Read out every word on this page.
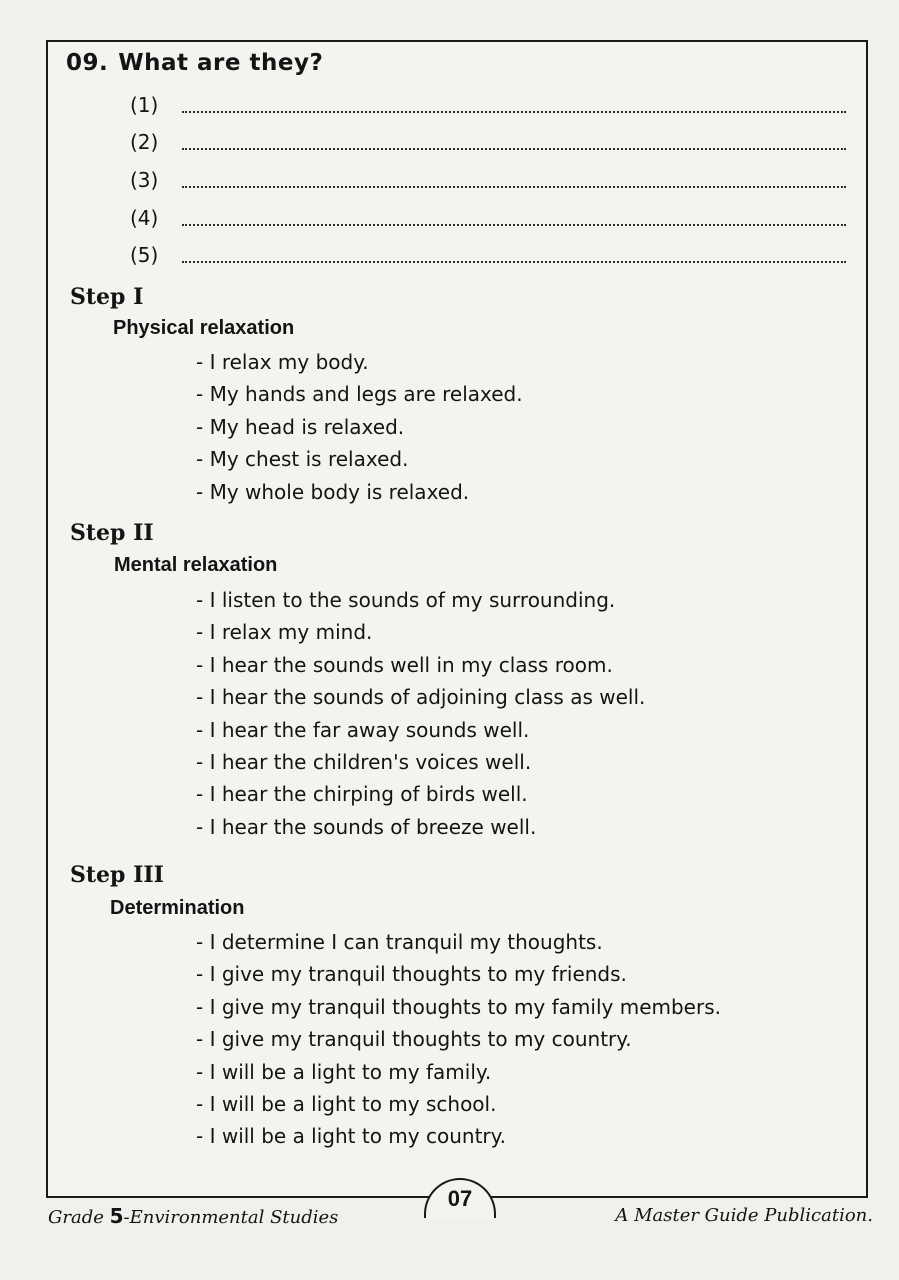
09. What are they?
(1)
(2)
(3)
(4)
(5)
Step I
Physical relaxation
- I relax my body.
- My hands and legs are relaxed.
- My head is relaxed.
- My chest is relaxed.
- My whole body is relaxed.
Step II
Mental relaxation
- I listen to the sounds of my surrounding.
- I relax my mind.
- I hear the sounds well in my class room.
- I hear the sounds of adjoining class as well.
- I hear the far away sounds well.
- I hear the children's voices well.
- I hear the chirping of birds well.
- I hear the sounds of breeze well.
Step III
Determination
- I determine I can tranquil my thoughts.
- I give my tranquil thoughts to my friends.
- I give my tranquil thoughts to my family members.
- I give my tranquil thoughts to my country.
- I will be a light to my family.
- I will be a light to my school.
- I will be a light to my country.
07
Grade 5-Environmental Studies	A Master Guide Publication.
